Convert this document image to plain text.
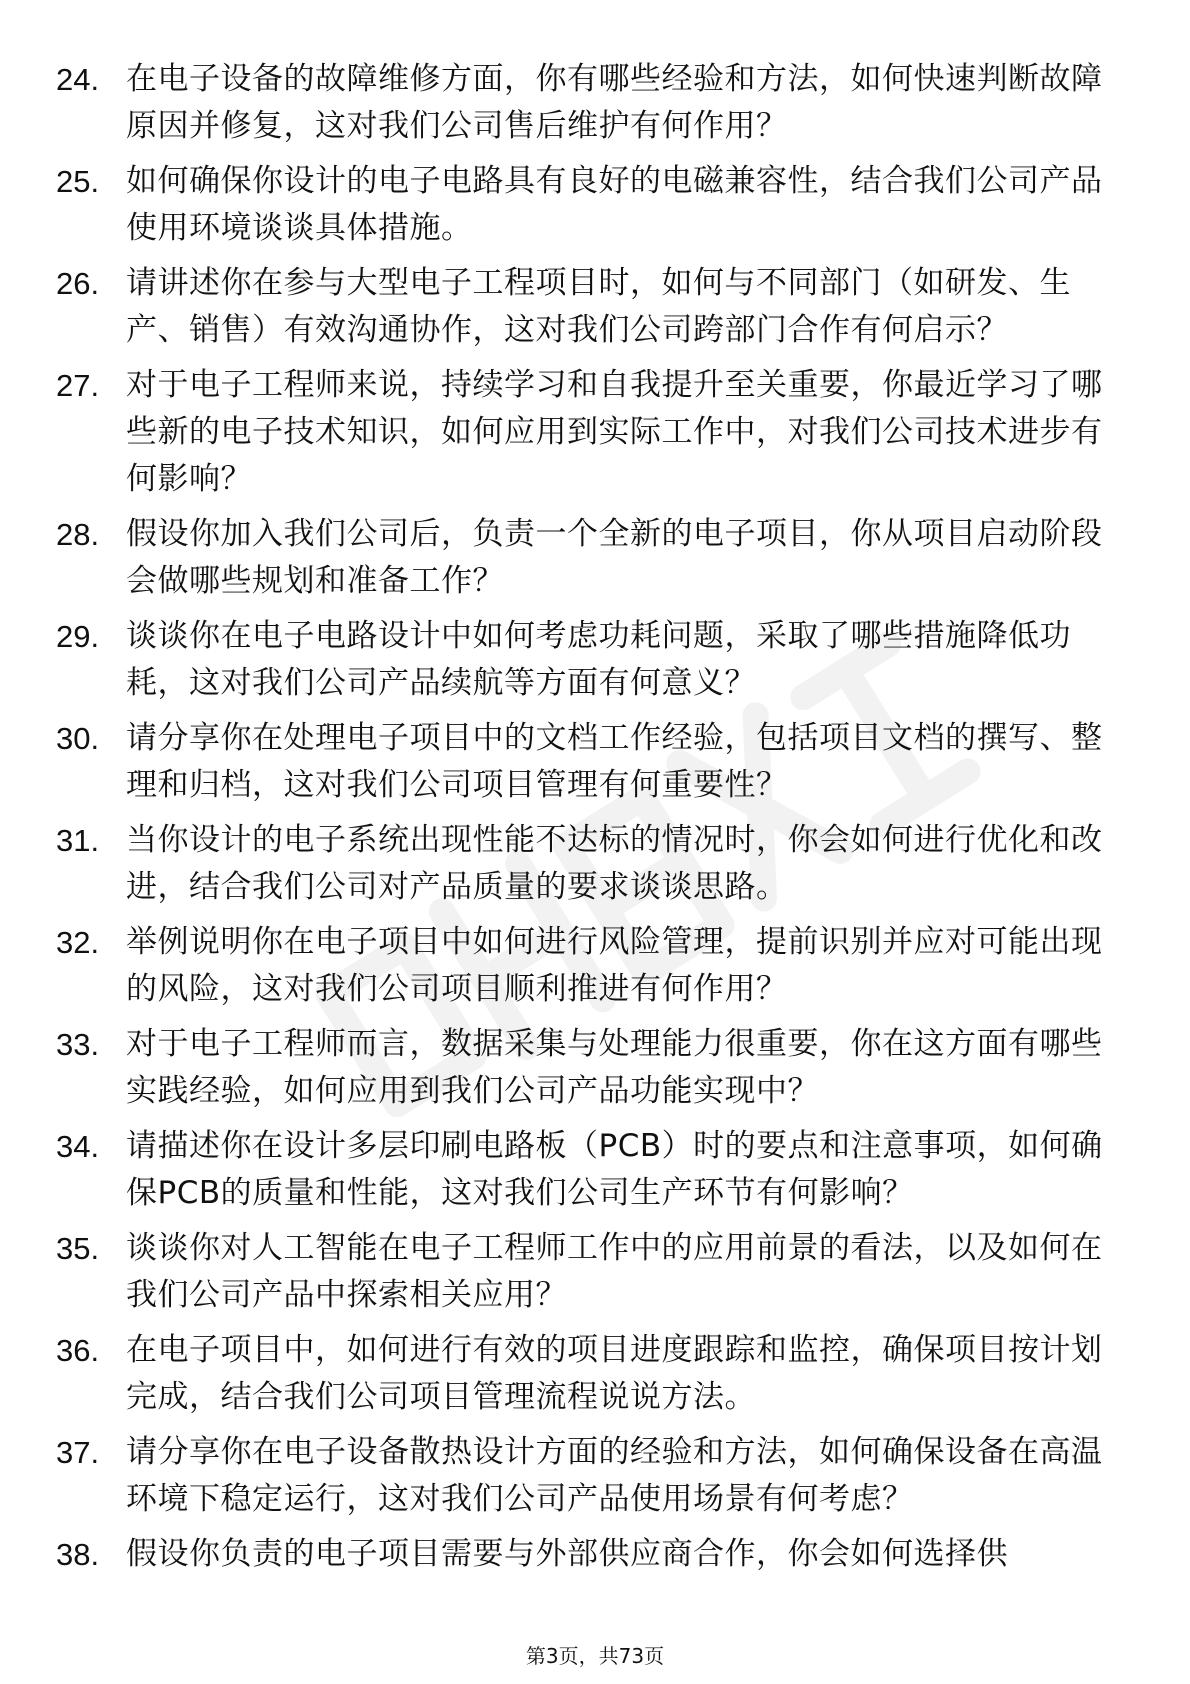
24. 在电子设备的故障维修方面，你有哪些经验和方法，如何快速判断故障原因并修复，这对我们公司售后维护有何作用？
25. 如何确保你设计的电子电路具有良好的电磁兼容性，结合我们公司产品使用环境谈谈具体措施。
26. 请讲述你在参与大型电子工程项目时，如何与不同部门（如研发、生产、销售）有效沟通协作，这对我们公司跨部门合作有何启示？
27. 对于电子工程师来说，持续学习和自我提升至关重要，你最近学习了哪些新的电子技术知识，如何应用到实际工作中，对我们公司技术进步有何影响？
28. 假设你加入我们公司后，负责一个全新的电子项目，你从项目启动阶段会做哪些规划和准备工作？
29. 谈谈你在电子电路设计中如何考虑功耗问题，采取了哪些措施降低功耗，这对我们公司产品续航等方面有何意义？
30. 请分享你在处理电子项目中的文档工作经验，包括项目文档的撰写、整理和归档，这对我们公司项目管理有何重要性？
31. 当你设计的电子系统出现性能不达标的情况时，你会如何进行优化和改进，结合我们公司对产品质量的要求谈谈思路。
32. 举例说明你在电子项目中如何进行风险管理，提前识别并应对可能出现的风险，这对我们公司项目顺利推进有何作用？
33. 对于电子工程师而言，数据采集与处理能力很重要，你在这方面有哪些实践经验，如何应用到我们公司产品功能实现中？
34. 请描述你在设计多层印刷电路板（PCB）时的要点和注意事项，如何确保PCB的质量和性能，这对我们公司生产环节有何影响？
35. 谈谈你对人工智能在电子工程师工作中的应用前景的看法，以及如何在我们公司产品中探索相关应用？
36. 在电子项目中，如何进行有效的项目进度跟踪和监控，确保项目按计划完成，结合我们公司项目管理流程说说方法。
37. 请分享你在电子设备散热设计方面的经验和方法，如何确保设备在高温环境下稳定运行，这对我们公司产品使用场景有何考虑？
38. 假设你负责的电子项目需要与外部供应商合作，你会如何选择供
第3页，共73页
